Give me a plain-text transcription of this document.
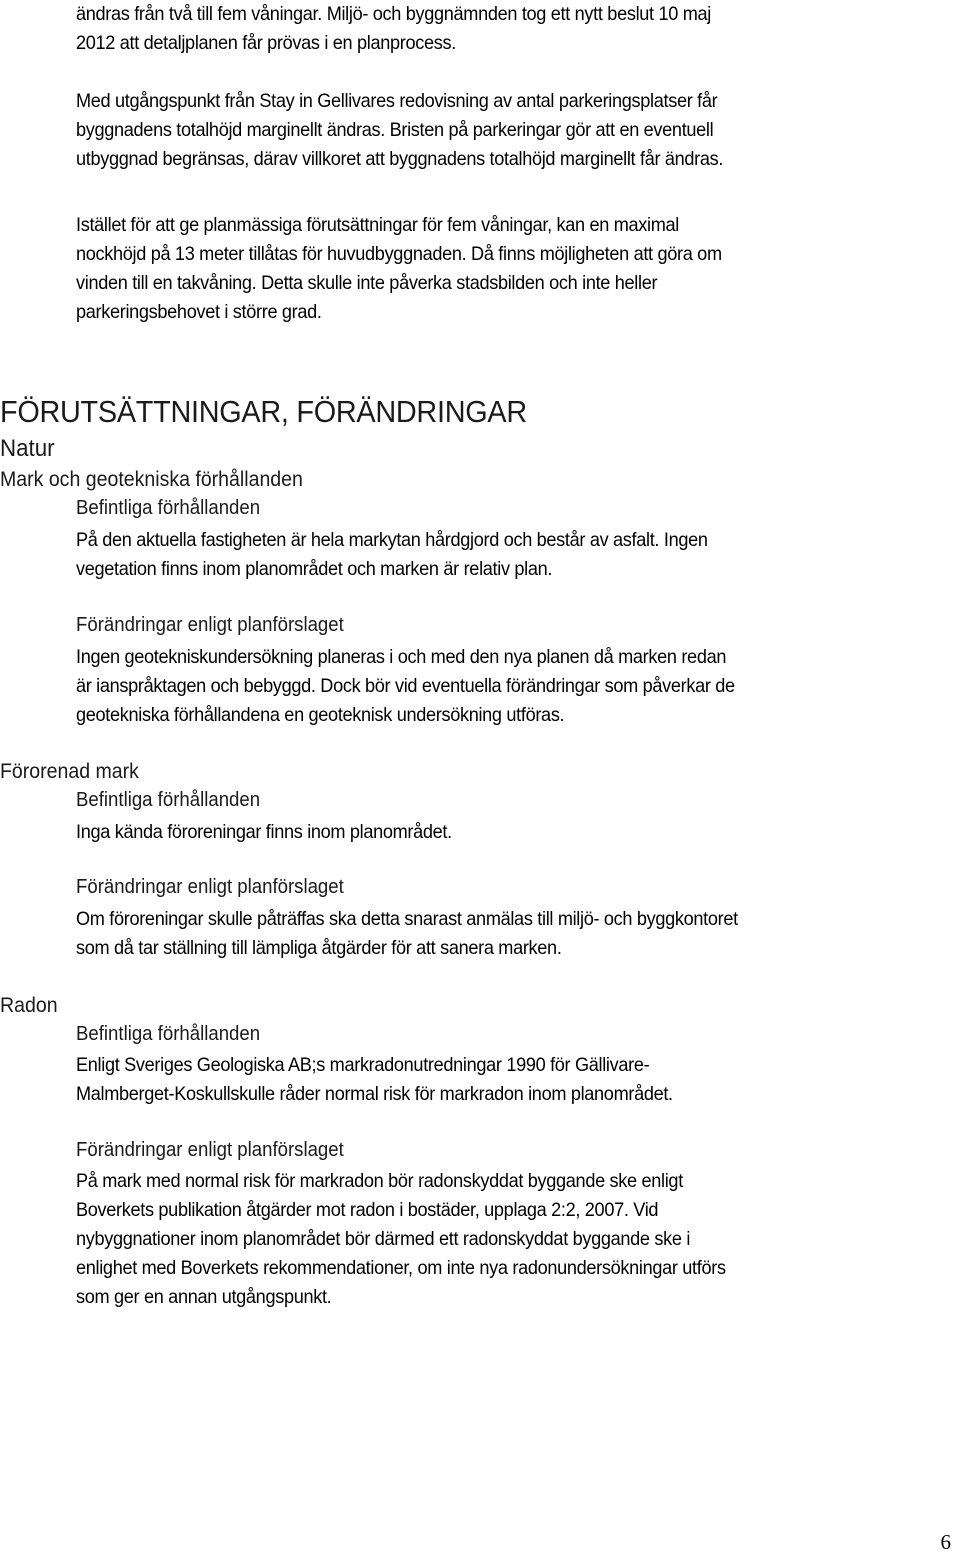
ändras från två till fem våningar. Miljö- och byggnämnden tog ett nytt beslut 10 maj
2012 att detaljplanen får prövas i en planprocess.
Med utgångspunkt från Stay in Gellivares redovisning av antal parkeringsplatser får
byggnadens totalhöjd marginellt ändras. Bristen på parkeringar gör att en eventuell
utbyggnad begränsas, därav villkoret att byggnadens totalhöjd marginellt får ändras.
Istället för att ge planmässiga förutsättningar för fem våningar, kan en maximal
nockhöjd på 13 meter tillåtas för huvudbyggnaden. Då finns möjligheten att göra om
vinden till en takvåning. Detta skulle inte påverka stadsbilden och inte heller
parkeringsbehovet i större grad.
FÖRUTSÄTTNINGAR, FÖRÄNDRINGAR
Natur
Mark och geotekniska förhållanden
Befintliga förhållanden
På den aktuella fastigheten är hela markytan hårdgjord och består av asfalt. Ingen
vegetation finns inom planområdet och marken är relativ plan.
Förändringar enligt planförslaget
Ingen geotekniskundersökning planeras i och med den nya planen då marken redan
är ianspråktagen och bebyggd. Dock bör vid eventuella förändringar som påverkar de
geotekniska förhållandena en geoteknisk undersökning utföras.
Förorenad mark
Befintliga förhållanden
Inga kända föroreningar finns inom planområdet.
Förändringar enligt planförslaget
Om föroreningar skulle påträffas ska detta snarast anmälas till miljö- och byggkontoret
som då tar ställning till lämpliga åtgärder för att sanera marken.
Radon
Befintliga förhållanden
Enligt Sveriges Geologiska AB;s markradonutredningar 1990 för Gällivare-
Malmberget-Koskullskulle råder normal risk för markradon inom planområdet.
Förändringar enligt planförslaget
På mark med normal risk för markradon bör radonskyddat byggande ske enligt
Boverkets publikation åtgärder mot radon i bostäder, upplaga 2:2, 2007. Vid
nybyggnationer inom planområdet bör därmed ett radonskyddat byggande ske i
enlighet med Boverkets rekommendationer, om inte nya radonundersökningar utförs
som ger en annan utgångspunkt.
6
